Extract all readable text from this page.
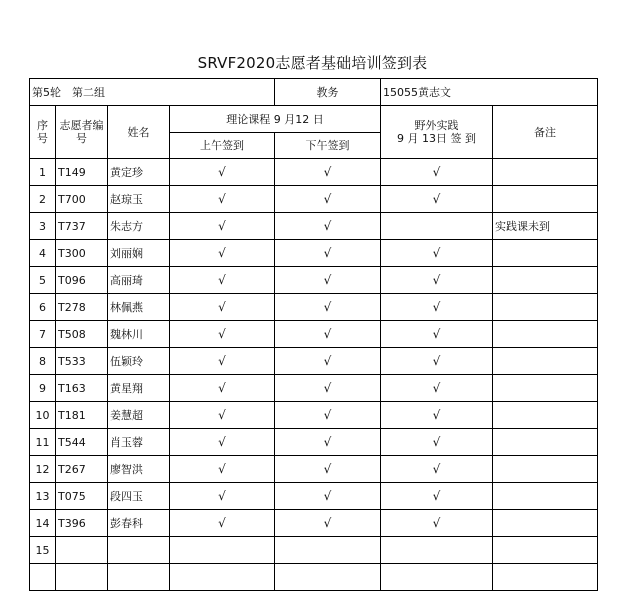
SRVF2020志愿者基础培训签到表
第5轮　第二组				教务	15055黄志文	
序号	志愿者编号	姓名	理论课程 9 月12 日		野外实践
9 月 13日 签 到	备注
			上午签到	下午签到		
1	T149	黄定珍	√	√	√	
2	T700	赵琼玉	√	√	√	
3	T737	朱志方	√	√		实践课未到
4	T300	刘丽娴	√	√	√	
5	T096	高丽琦	√	√	√	
6	T278	林佩燕	√	√	√	
7	T508	魏林川	√	√	√	
8	T533	伍颖玲	√	√	√	
9	T163	黄星翔	√	√	√	
10	T181	姜慧超	√	√	√	
11	T544	肖玉蓉	√	√	√	
12	T267	廖智洪	√	√	√	
13	T075	段四玉	√	√	√	
14	T396	彭春科	√	√	√	
15						
